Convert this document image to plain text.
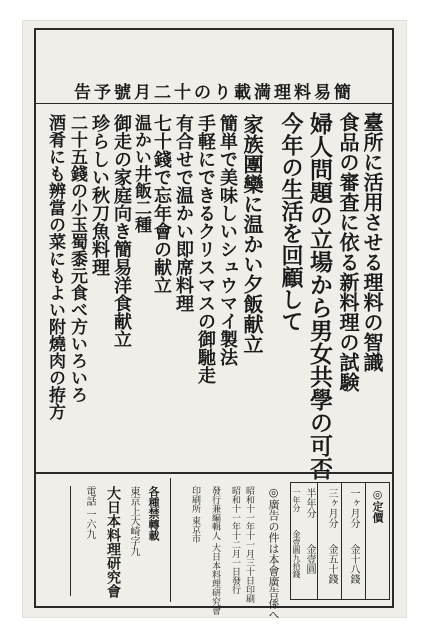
告予號月二十のり載満理料易簡
臺所に活用させる理料の智識
食品の審査に依る新料理の試験
婦人問題の立場から男女共學の可否
今年の生活を回顧して
家族團欒に温かい夕飯献立
簡単で美味しいシュウマイ製法
手軽にできるクリスマスの御馳走
有合せで温かい即席料理
七十錢で忘年會の献立
温かい井飯二種
御走の家庭向き簡易洋食献立
珍らしい秋刀魚料理
二十五錢の小玉蜀黍元食べ方いろいろ
酒肴にも辨當の菜にもよい附燒肉の拵方
◎定價
一ヶ月分
金十八錢
三ヶ月分
金五十錢
半年分
金壹圓
一年分
金壹圓九拾錢
◎廣告の件は本會廣告係へ
昭和十一年十一月三十日印刷
昭和十一年十二月一日發行
發行兼編輯人 大日本料理研究會
印刷所 東京市
各種禁轉載
東京上大崎字九
大日本料理研究會
電話 一六九
